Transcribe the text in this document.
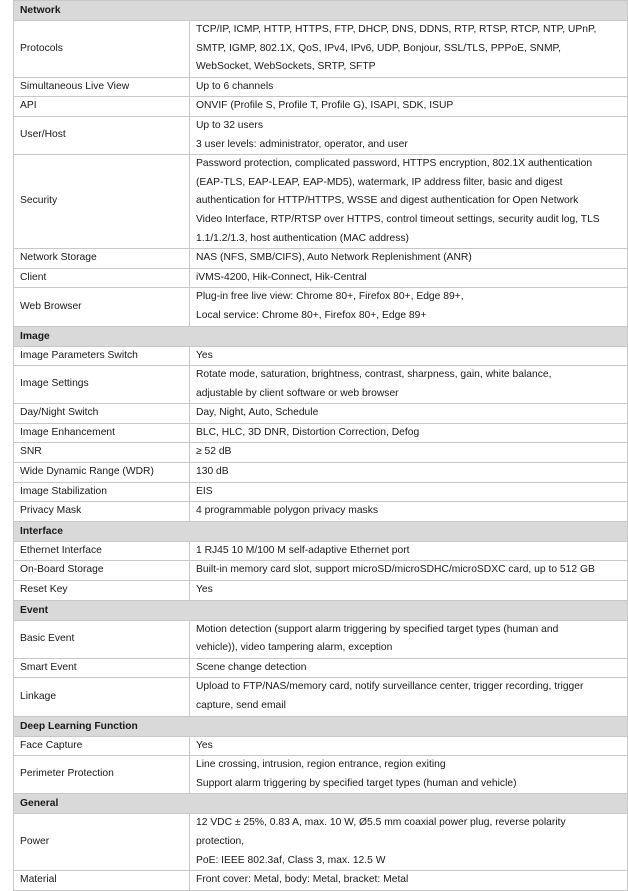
Network	
Protocols	TCP/IP, ICMP, HTTP, HTTPS, FTP, DHCP, DNS, DDNS, RTP, RTSP, RTCP, NTP, UPnP,
SMTP, IGMP, 802.1X, QoS, IPv4, IPv6, UDP, Bonjour, SSL/TLS, PPPoE, SNMP,
WebSocket, WebSockets, SRTP, SFTP

Simultaneous Live View	Up to 6 channels

API	ONVIF (Profile S, Profile T, Profile G), ISAPI, SDK, ISUP

User/Host	Up to 32 users
3 user levels: administrator, operator, and user

Security	Password protection, complicated password, HTTPS encryption, 802.1X authentication
(EAP-TLS, EAP-LEAP, EAP-MD5), watermark, IP address filter, basic and digest
authentication for HTTP/HTTPS, WSSE and digest authentication for Open Network
Video Interface, RTP/RTSP over HTTPS, control timeout settings, security audit log, TLS
1.1/1.2/1.3, host authentication (MAC address)

Network Storage	NAS (NFS, SMB/CIFS), Auto Network Replenishment (ANR)

Client	iVMS-4200, Hik-Connect, Hik-Central

Web Browser	Plug-in free live view: Chrome 80+, Firefox 80+, Edge 89+,
Local service: Chrome 80+, Firefox 80+, Edge 89+

Image	
Image Parameters Switch	Yes

Image Settings	Rotate mode, saturation, brightness, contrast, sharpness, gain, white balance,
adjustable by client software or web browser

Day/Night Switch	Day, Night, Auto, Schedule

Image Enhancement	BLC, HLC, 3D DNR, Distortion Correction, Defog

SNR	≥ 52 dB

Wide Dynamic Range (WDR)	130 dB

Image Stabilization	EIS

Privacy Mask	4 programmable polygon privacy masks

Interface	
Ethernet Interface	1 RJ45 10 M/100 M self-adaptive Ethernet port

On-Board Storage	Built-in memory card slot, support microSD/microSDHC/microSDXC card, up to 512 GB

Reset Key	Yes

Event	
Basic Event	Motion detection (support alarm triggering by specified target types (human and
vehicle)), video tampering alarm, exception

Smart Event	Scene change detection

Linkage	Upload to FTP/NAS/memory card, notify surveillance center, trigger recording, trigger
capture, send email

Deep Learning Function	
Face Capture	Yes

Perimeter Protection	Line crossing, intrusion, region entrance, region exiting
Support alarm triggering by specified target types (human and vehicle)

General	
Power	12 VDC ± 25%, 0.83 A, max. 10 W, Ø5.5 mm coaxial power plug, reverse polarity
protection,
PoE: IEEE 802.3af, Class 3, max. 12.5 W

Material	Front cover: Metal, body: Metal, bracket: Metal
